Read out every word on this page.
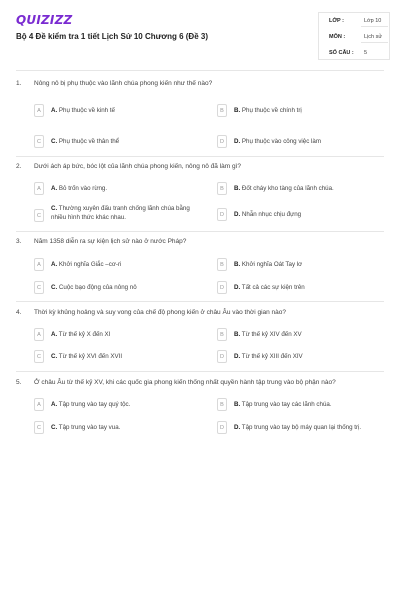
QUIZIZZ
Bộ 4 Đề kiểm tra 1 tiết Lịch Sử 10 Chương 6 (Đề 3)
LỚP :	Lớp 10
MÔN :	Lịch sử
SỐ CÂU : 5
1. Nông nô bị phụ thuộc vào lãnh chúa phong kiến như thế nào?
A	A. Phụ thuộc về kinh tế	B	B. Phụ thuộc về chính trị
C	C. Phụ thuộc về thân thể	D	D. Phụ thuộc vào công việc làm
2. Dưới ách áp bức, bóc lột của lãnh chúa phong kiến, nông nô đã làm gì?
A	A. Bỏ trốn vào rừng.	B	B. Đốt cháy kho tàng của lãnh chúa.
C
C. Thường xuyên đấu tranh chống lãnh chúa bằng nhiều hình thức khác nhau.	D	D. Nhẫn nhục chịu đựng
3. Năm 1358 diễn ra sự kiện lịch sử nào ở nước Pháp?
A	A. Khởi nghĩa Giắc –cơ-ri	B	B. Khởi nghĩa Oát Tay lơ
C	C. Cuộc bạo động của nông nô	D	D. Tất cả các sự kiện trên
4. Thời kỳ khủng hoảng và suy vong của chế độ phong kiến ở châu Âu vào thời gian nào?
A	A. Từ thế kỷ X đến XI	B	B. Từ thế kỷ XIV đến XV
C	C. Từ thế kỷ XVI đến XVII	D	D. Từ thế kỷ XIII đến XIV
5. Ở châu Âu từ thế kỷ XV, khi các quốc gia phong kiến thống nhất quyền hành tập trung vào bộ phận nào?
A	A. Tập trung vào tay quý tộc.	B	B. Tập trung vào tay các lãnh chúa.
C	C. Tập trung vào tay vua.	D	D. Tập trung vào tay bộ máy quan lại thống trị.
